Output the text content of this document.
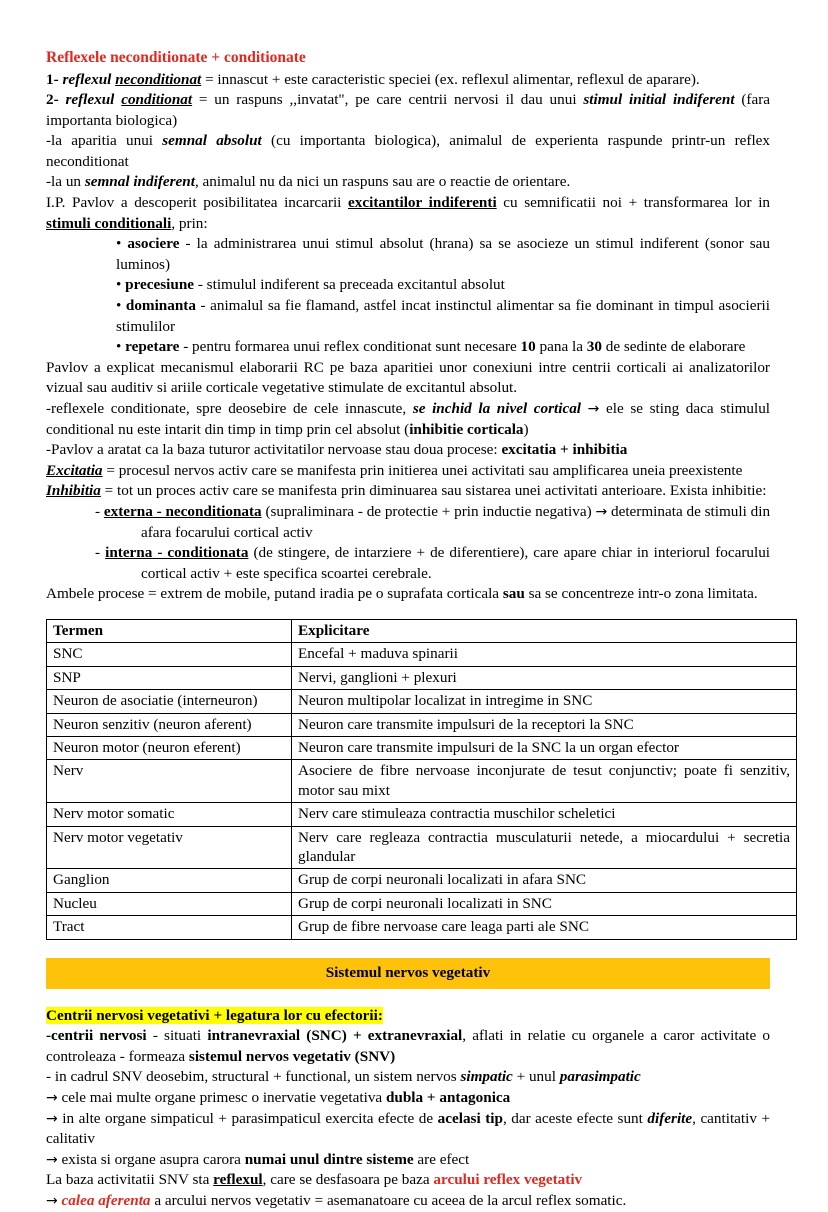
Reflexele neconditionate + conditionate

1- reflexul neconditionat = innascut + este caracteristic speciei (ex. reflexul alimentar, reflexul de aparare).

2- reflexul conditionat = un raspuns ,,invatat", pe care centrii nervosi il dau unui stimul initial indiferent (fara importanta biologica)

-la aparitia unui semnal absolut (cu importanta biologica), animalul de experienta raspunde printr-un reflex neconditionat

-la un semnal indiferent, animalul nu da nici un raspuns sau are o reactie de orientare.

I.P. Pavlov a descoperit posibilitatea incarcarii excitantilor indiferenti cu semnificatii noi + transformarea lor in stimuli conditionali, prin:

• asociere - la administrarea unui stimul absolut (hrana) sa se asocieze un stimul indiferent (sonor sau luminos)

• precesiune - stimulul indiferent sa preceada excitantul absolut

• dominanta - animalul sa fie flamand, astfel incat instinctul alimentar sa fie dominant in timpul asocierii stimulilor

• repetare - pentru formarea unui reflex conditionat sunt necesare 10 pana la 30 de sedinte de elaborare

Pavlov a explicat mecanismul elaborarii RC pe baza aparitiei unor conexiuni intre centrii corticali ai analizatorilor vizual sau auditiv si ariile corticale vegetative stimulate de excitantul absolut.

-reflexele conditionate, spre deosebire de cele innascute, se inchid la nivel cortical → ele se sting daca stimulul conditional nu este intarit din timp in timp prin cel absolut (inhibitie corticala)

-Pavlov a aratat ca la baza tuturor activitatilor nervoase stau doua procese: excitatia + inhibitia

Excitatia = procesul nervos activ care se manifesta prin initierea unei activitati sau amplificarea uneia preexistente

Inhibitia = tot un proces activ care se manifesta prin diminuarea sau sistarea unei activitati anterioare. Exista inhibitie:

- externa - neconditionata (supraliminara - de protectie + prin inductie negativa) → determinata de stimuli din afara focarului cortical activ

- interna - conditionata (de stingere, de intarziere + de diferentiere), care apare chiar in interiorul focarului cortical activ + este specifica scoartei cerebrale.

Ambele procese = extrem de mobile, putand iradia pe o suprafata corticala sau sa se concentreze intr-o zona limitata.

Termen	Explicitare
SNC	Encefal + maduva spinarii
SNP	Nervi, ganglioni + plexuri
Neuron de asociatie (interneuron)	Neuron multipolar localizat in intregime in SNC
Neuron senzitiv (neuron aferent)	Neuron care transmite impulsuri de la receptori la SNC
Neuron motor (neuron eferent)	Neuron care transmite impulsuri de la SNC la un organ efector
Nerv	Asociere de fibre nervoase inconjurate de tesut conjunctiv; poate fi senzitiv, motor sau mixt
Nerv motor somatic	Nerv care stimuleaza contractia muschilor scheletici
Nerv motor vegetativ	Nerv care regleaza contractia musculaturii netede, a miocardului + secretia glandular
Ganglion	Grup de corpi neuronali localizati in afara SNC
Nucleu	Grup de corpi neuronali localizati in SNC
Tract	Grup de fibre nervoase care leaga parti ale SNC
Sistemul nervos vegetativ

Centrii nervosi vegetativi + legatura lor cu efectorii:

-centrii nervosi - situati intranevraxial (SNC) + extranevraxial, aflati in relatie cu organele a caror activitate o controleaza - formeaza sistemul nervos vegetativ (SNV)

- in cadrul SNV deosebim, structural + functional, un sistem nervos simpatic + unul parasimpatic

→ cele mai multe organe primesc o inervatie vegetativa dubla + antagonica

→ in alte organe simpaticul + parasimpaticul exercita efecte de acelasi tip, dar aceste efecte sunt diferite, cantitativ + calitativ

→ exista si organe asupra carora numai unul dintre sisteme are efect

La baza activitatii SNV sta reflexul, care se desfasoara pe baza arcului reflex vegetativ

→ calea aferenta a arcului nervos vegetativ = asemanatoare cu aceea de la arcul reflex somatic.
